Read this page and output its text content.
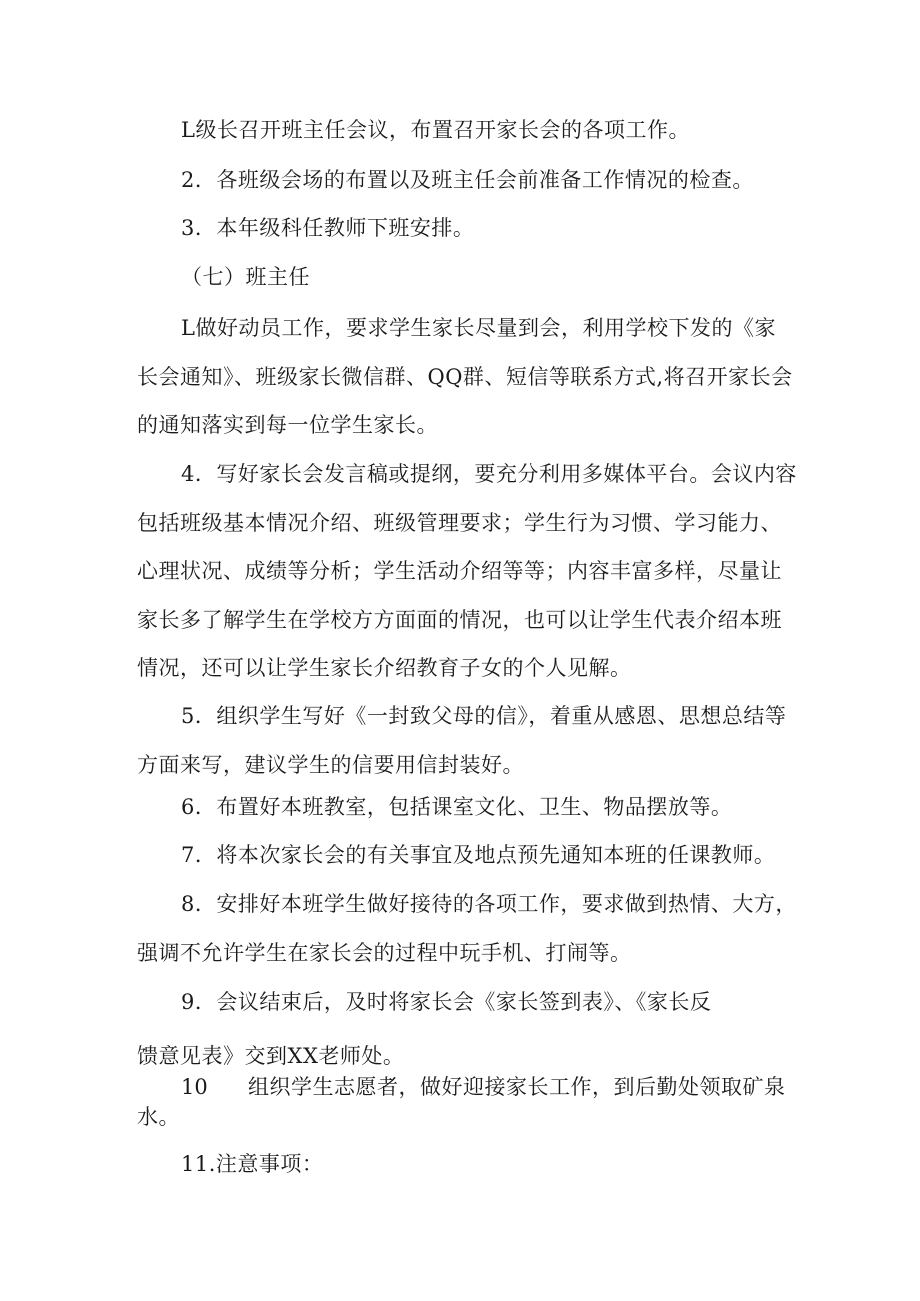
L级长召开班主任会议，布置召开家长会的各项工作。
2．各班级会场的布置以及班主任会前准备工作情况的检查。
3．本年级科任教师下班安排。
（七）班主任
L做好动员工作，要求学生家长尽量到会，利用学校下发的《家长会通知》、班级家长微信群、QQ群、短信等联系方式,将召开家长会的通知落实到每一位学生家长。
4．写好家长会发言稿或提纲，要充分利用多媒体平台。会议内容包括班级基本情况介绍、班级管理要求；学生行为习惯、学习能力、心理状况、成绩等分析；学生活动介绍等等；内容丰富多样，尽量让家长多了解学生在学校方方面面的情况，也可以让学生代表介绍本班情况，还可以让学生家长介绍教育子女的个人见解。
5．组织学生写好《一封致父母的信》，着重从感恩、思想总结等方面来写，建议学生的信要用信封装好。
6．布置好本班教室，包括课室文化、卫生、物品摆放等。
7．将本次家长会的有关事宜及地点预先通知本班的任课教师。
8．安排好本班学生做好接待的各项工作，要求做到热情、大方，强调不允许学生在家长会的过程中玩手机、打闹等。
9．会议结束后，及时将家长会《家长签到表》、《家长反
馈意见表》交到XX老师处。
10 组织学生志愿者，做好迎接家长工作，到后勤处领取矿泉
水。
11.注意事项：
